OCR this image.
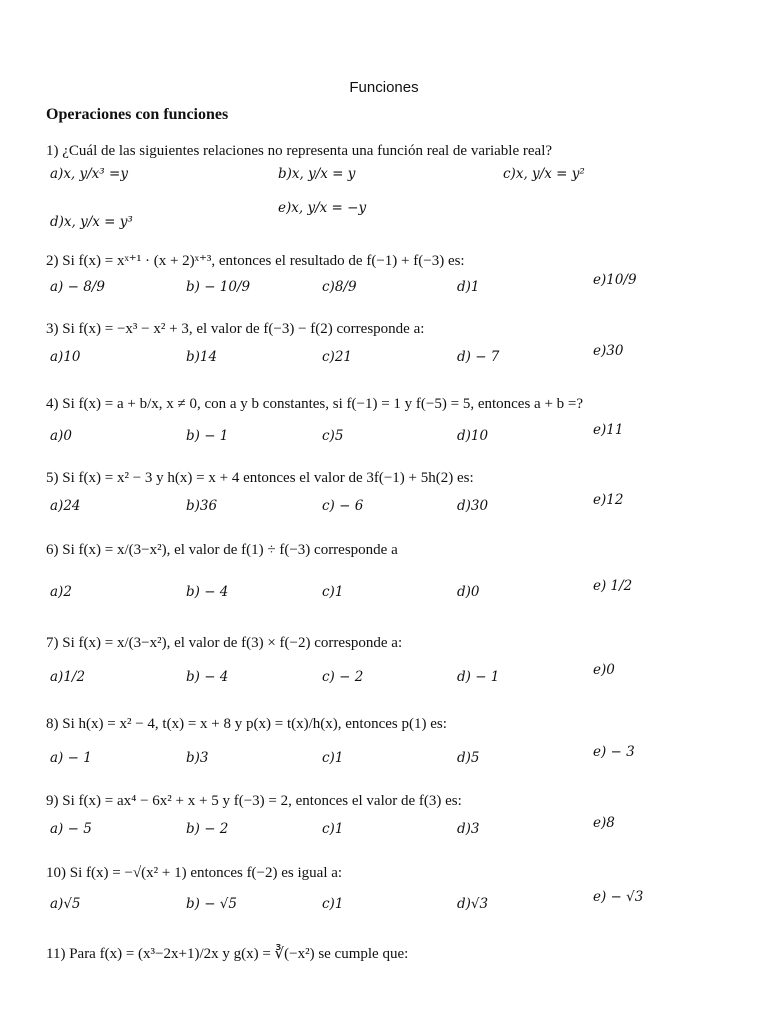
Funciones
Operaciones con funciones
1) ¿Cuál de las siguientes relaciones no representa una función real de variable real?
a)x, y/x³ =y	b)x, y/x = y	c)x, y/x = y²
d)x, y/x = y³
e)x, y/x = −y
2) Si f(x) = xˣ⁺¹ · (x + 2)ˣ⁺³, entonces el resultado de f(−1) + f(−3) es:
a) − 8/9	b) − 10/9	c)8/9	d)1	e)10/9
3) Si f(x) = −x³ − x² + 3, el valor de f(−3) − f(2) corresponde a:
a)10	b)14	c)21	d) − 7	e)30
4) Si f(x) = a + b/x, x ≠ 0, con a y b constantes, si f(−1) = 1 y f(−5) = 5, entonces a + b =?
a)0	b) − 1	c)5	d)10	e)11
5) Si f(x) = x² − 3 y h(x) = x + 4 entonces el valor de 3f(−1) + 5h(2) es:
a)24	b)36	c) − 6	d)30	e)12
6) Si f(x) = x/(3−x²), el valor de f(1) ÷ f(−3) corresponde a
a)2	b) − 4	c)1	d)0	e) 1/2
7) Si f(x) = x/(3−x²), el valor de f(3) × f(−2) corresponde a:
a)1/2	b) − 4	c) − 2	d) − 1	e)0
8) Si h(x) = x² − 4, t(x) = x + 8 y p(x) = t(x)/h(x), entonces p(1) es:
a) − 1	b)3	c)1	d)5	e) − 3
9) Si f(x) = ax⁴ − 6x² + x + 5 y f(−3) = 2, entonces el valor de f(3) es:
a) − 5	b) − 2	c)1	d)3	e)8
10) Si f(x) = −√(x² + 1) entonces f(−2) es igual a:
a)√5	b) − √5	c)1	d)√3	e) − √3
11) Para f(x) = (x³−2x+1)/2x y g(x) = ∛(−x²) se cumple que:
